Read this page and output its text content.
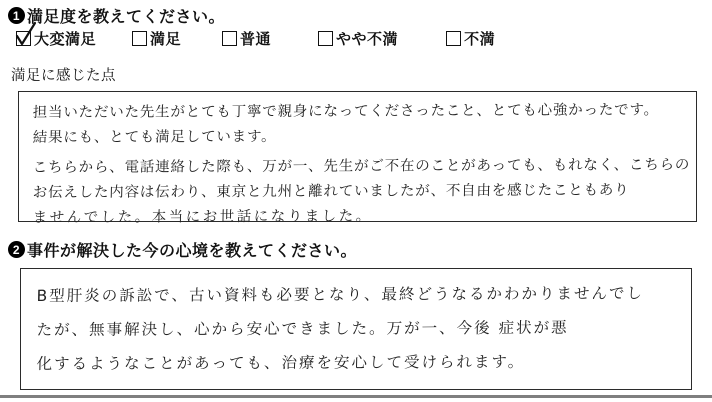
1 満足度を教えてください。
大変満足	満足	普通	やや不満	不満
満足に感じた点
担当いただいた先生がとても丁寧で親身になってくださったこと、とても心強かったです。
結果にも、とても満足しています。
こちらから、電話連絡した際も、万が一、先生がご不在のことがあっても、もれなく、こちらの
お伝えした内容は伝わり、東京と九州と離れていましたが、不自由を感じたこともあり
ませんでした。本当にお世話になりました。
2 事件が解決した今の心境を教えてください。
B型肝炎の訴訟で、古い資料も必要となり、最終どうなるかわかりませんでし
たが、無事解決し、心から安心できました。万が一、今後 症状が悪
化するようなことがあっても、治療を安心して受けられます。
